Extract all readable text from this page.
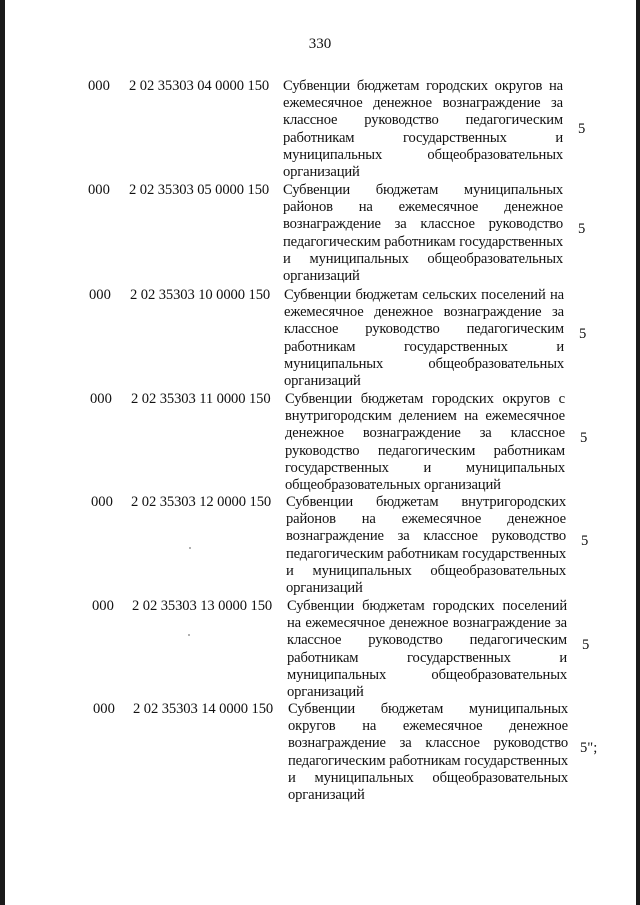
330
000	2 02 35303 04 0000 150 Субвенции бюджетам городских округов на ежемесячное денежное вознаграждение за классное руководство педагогическим работникам государственных и муниципальных общеобразовательных организаций
5
000	2 02 35303 05 0000 150 Субвенции бюджетам муниципальных районов на ежемесячное денежное вознаграждение за классное руководство педагогическим работникам государственных и муниципальных общеобразовательных организаций
5
000	2 02 35303 10 0000 150 Субвенции бюджетам сельских поселений на ежемесячное денежное вознаграждение за классное руководство педагогическим работникам государственных и муниципальных общеобразовательных организаций
5
000	2 02 35303 11 0000 150 Субвенции бюджетам городских округов с внутригородским делением на ежемесячное денежное вознаграждение за классное руководство педагогическим работникам государственных и муниципальных общеобразовательных организаций
5
000	2 02 35303 12 0000 150 Субвенции бюджетам внутригородских районов на ежемесячное денежное вознаграждение за классное руководство педагогическим работникам государственных и муниципальных общеобразовательных организаций
5
000	2 02 35303 13 0000 150 Субвенции бюджетам городских поселений на ежемесячное денежное вознаграждение за классное руководство педагогическим работникам государственных и муниципальных общеобразовательных организаций
5
000	2 02 35303 14 0000 150 Субвенции бюджетам муниципальных округов на ежемесячное денежное вознаграждение за классное руководство педагогическим работникам государственных и муниципальных общеобразовательных организаций
5";
